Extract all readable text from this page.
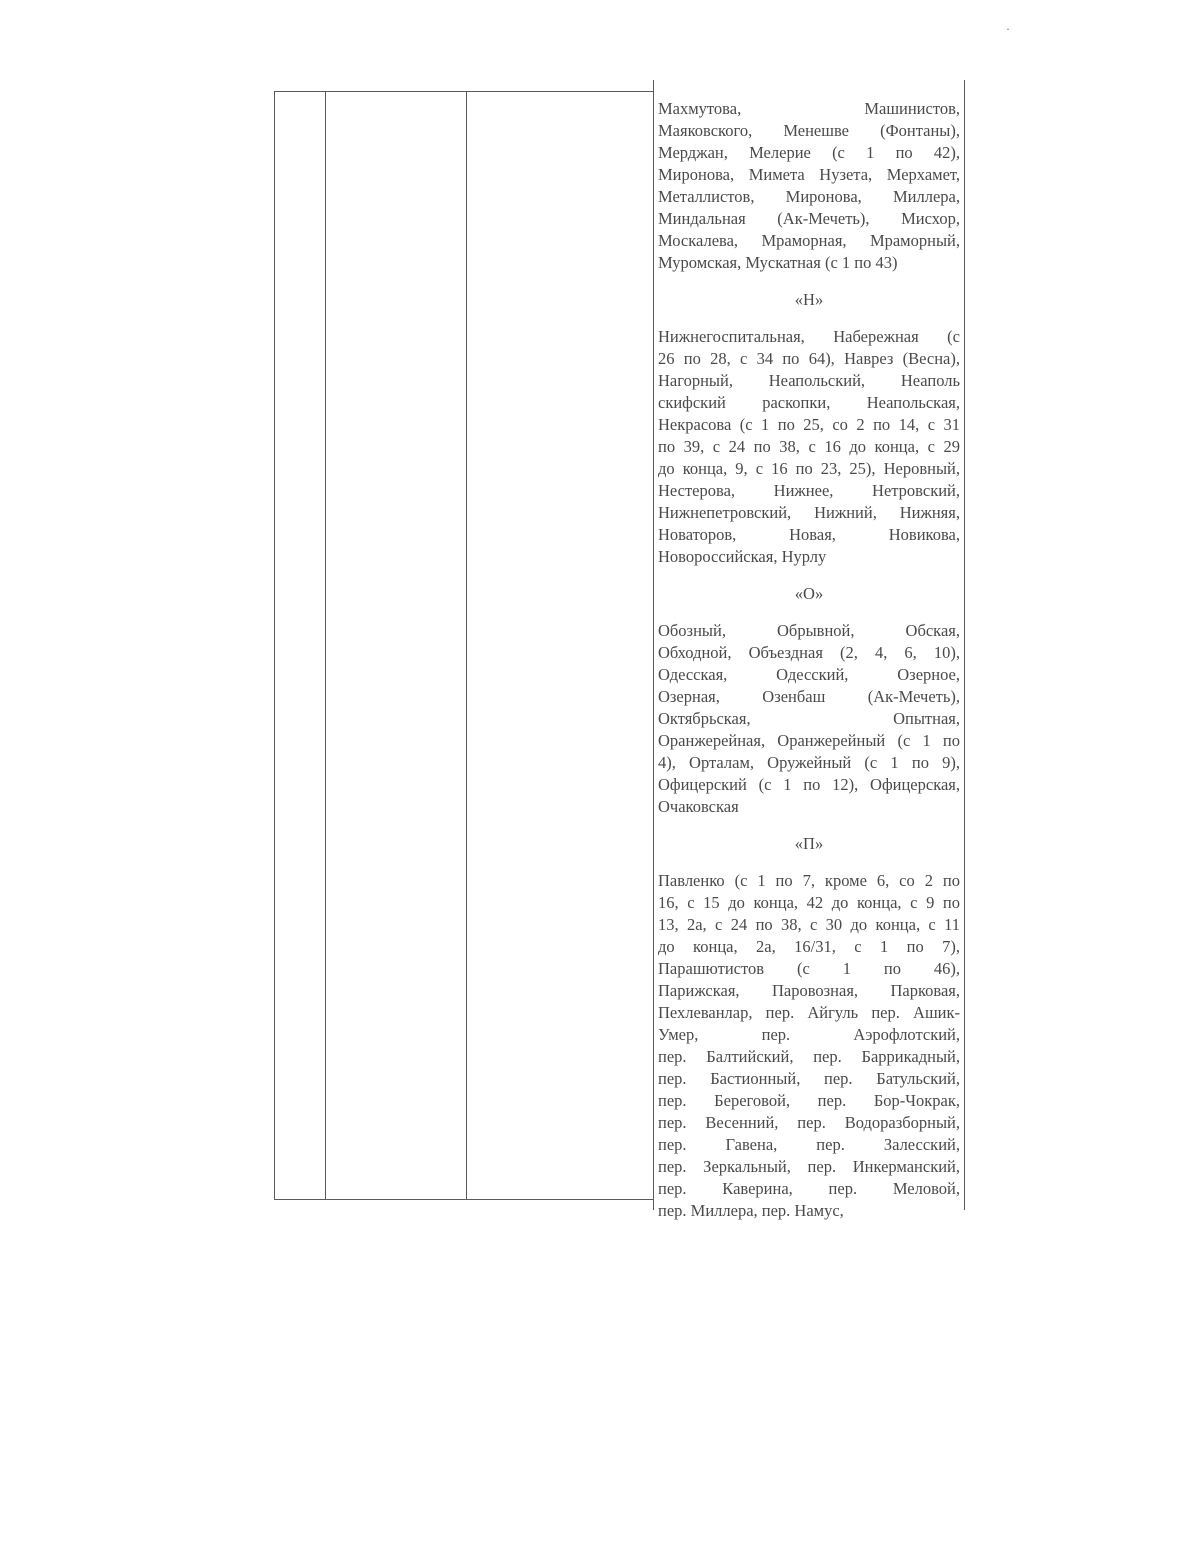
·
Махмутова, Машинистов,
Маяковского, Менешве (Фонтаны),
Мерджан, Мелерие (с 1 по 42),
Миронова, Мимета Нузета, Мерхамет,
Металлистов, Миронова, Миллера,
Миндальная (Ак-Мечеть), Мисхор,
Москалева, Мраморная, Мраморный,
Муромская, Мускатная (с 1 по 43)
«Н»
Нижнегоспитальная, Набережная (с
26 по 28, с 34 по 64), Наврез (Весна),
Нагорный, Неапольский, Неаполь
скифский раскопки, Неапольская,
Некрасова (с 1 по 25, со 2 по 14, с 31
по 39, с 24 по 38, с 16 до конца, с 29
до конца, 9, с 16 по 23, 25), Неровный,
Нестерова, Нижнее, Нетровский,
Нижнепетровский, Нижний, Нижняя,
Новаторов, Новая, Новикова,
Новороссийская, Нурлу
«О»
Обозный, Обрывной, Обская,
Обходной, Объездная (2, 4, 6, 10),
Одесская, Одесский, Озерное,
Озерная, Озенбаш (Ак-Мечеть),
Октябрьская, Опытная,
Оранжерейная, Оранжерейный (с 1 по
4), Орталам, Оружейный (с 1 по 9),
Офицерский (с 1 по 12), Офицерская,
Очаковская
«П»
Павленко (с 1 по 7, кроме 6, со 2 по
16, с 15 до конца, 42 до конца, с 9 по
13, 2а, с 24 по 38, с 30 до конца, с 11
до конца, 2а, 16/31, с 1 по 7),
Парашютистов (с 1 по 46),
Парижская, Паровозная, Парковая,
Пехлеванлар, пер. Айгуль пер. Ашик-
Умер, пер. Аэрофлотский,
пер. Балтийский, пер. Баррикадный,
пер. Бастионный, пер. Батульский,
пер. Береговой, пер. Бор-Чокрак,
пер. Весенний, пер. Водоразборный,
пер. Гавена, пер. Залесский,
пер. Зеркальный, пер. Инкерманский,
пер. Каверина, пер. Меловой,
пер. Миллера, пер. Намус,
